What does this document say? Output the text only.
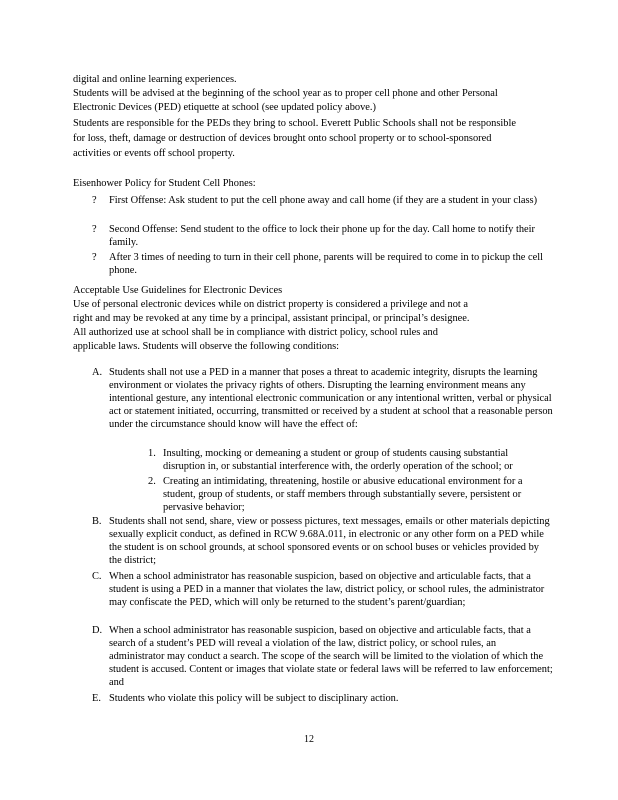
digital and online learning experiences.
Students will be advised at the beginning of the school year as to proper cell phone and other Personal
Electronic Devices (PED) etiquette at school (see updated policy above.)
Students are responsible for the PEDs they bring to school. Everett Public Schools shall not be responsible
for loss, theft, damage or destruction of devices brought onto school property or to school-sponsored
activities or events off school property.
Eisenhower Policy for Student Cell Phones:
? First Offense: Ask student to put the cell phone away and call home (if they are a student in your class)
? Second Offense: Send student to the office to lock their phone up for the day. Call home to notify their family.
? After 3 times of needing to turn in their cell phone, parents will be required to come in to pickup the cell phone.
Acceptable Use Guidelines for Electronic Devices
Use of personal electronic devices while on district property is considered a privilege and not a
right and may be revoked at any time by a principal, assistant principal, or principal’s designee.
All authorized use at school shall be in compliance with district policy, school rules and
applicable laws. Students will observe the following conditions:
A. Students shall not use a PED in a manner that poses a threat to academic integrity, disrupts the learning environment or violates the privacy rights of others. Disrupting the learning environment means any intentional gesture, any intentional electronic communication or any intentional written, verbal or physical act or statement initiated, occurring, transmitted or received by a student at school that a reasonable person under the circumstance should know will have the effect of:
1. Insulting, mocking or demeaning a student or group of students causing substantial disruption in, or substantial interference with, the orderly operation of the school; or
2. Creating an intimidating, threatening, hostile or abusive educational environment for a student, group of students, or staff members through substantially severe, persistent or pervasive behavior;
B. Students shall not send, share, view or possess pictures, text messages, emails or other materials depicting sexually explicit conduct, as defined in RCW 9.68A.011, in electronic or any other form on a PED while the student is on school grounds, at school sponsored events or on school buses or vehicles provided by the district;
C. When a school administrator has reasonable suspicion, based on objective and articulable facts, that a student is using a PED in a manner that violates the law, district policy, or school rules, the administrator may confiscate the PED, which will only be returned to the student’s parent/guardian;
D. When a school administrator has reasonable suspicion, based on objective and articulable facts, that a search of a student’s PED will reveal a violation of the law, district policy, or school rules, an administrator may conduct a search. The scope of the search will be limited to the violation of which the student is accused. Content or images that violate state or federal laws will be referred to law enforcement; and
E. Students who violate this policy will be subject to disciplinary action.
12
